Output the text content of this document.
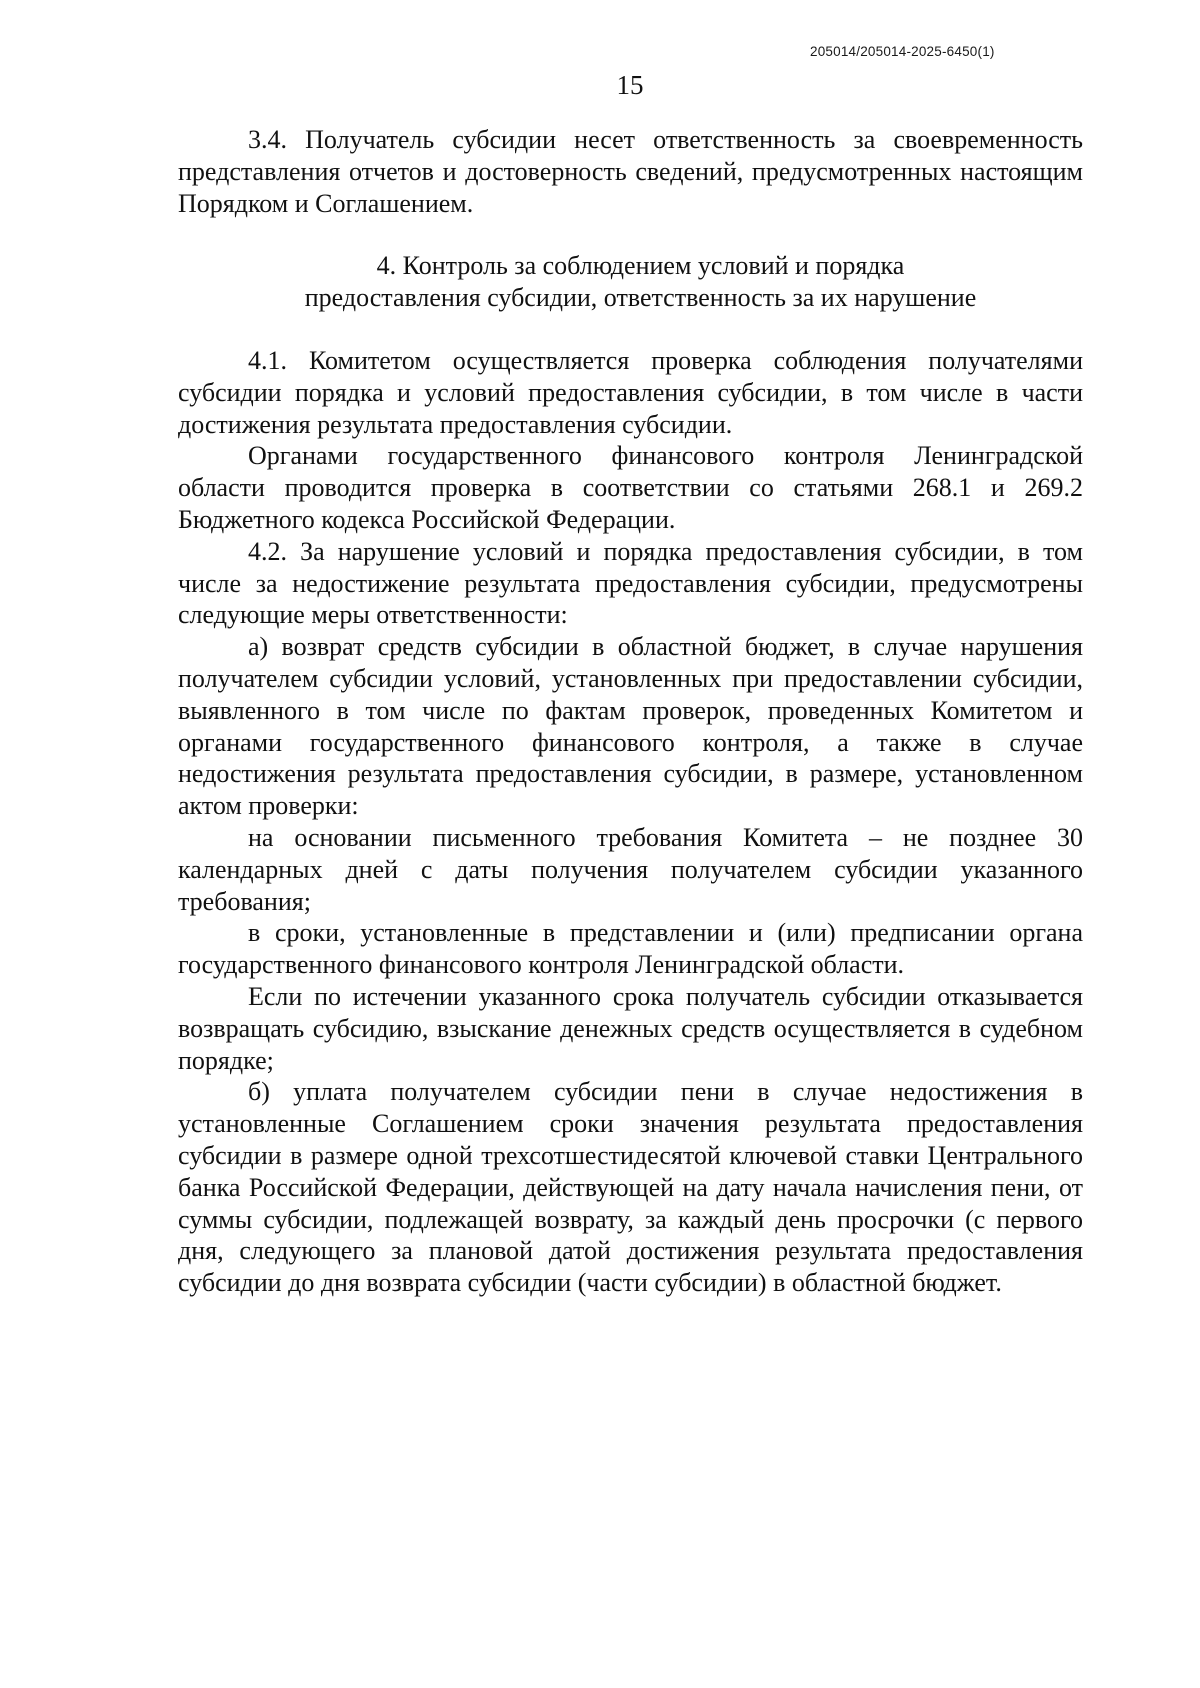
205014/205014-2025-6450(1)
15

3.4. Получатель субсидии несет ответственность за своевременность представления отчетов и достоверность сведений, предусмотренных настоящим Порядком и Соглашением.

4. Контроль за соблюдением условий и порядка
предоставления субсидии, ответственность за их нарушение

4.1. Комитетом осуществляется проверка соблюдения получателями субсидии порядка и условий предоставления субсидии, в том числе в части достижения результата предоставления субсидии.

Органами государственного финансового контроля Ленинградской области проводится проверка в соответствии со статьями 268.1 и 269.2 Бюджетного кодекса Российской Федерации.

4.2. За нарушение условий и порядка предоставления субсидии, в том числе за недостижение результата предоставления субсидии, предусмотрены следующие меры ответственности:

а) возврат средств субсидии в областной бюджет, в случае нарушения получателем субсидии условий, установленных при предоставлении субсидии, выявленного в том числе по фактам проверок, проведенных Комитетом и органами государственного финансового контроля, а также в случае недостижения результата предоставления субсидии, в размере, установленном актом проверки:

на основании письменного требования Комитета – не позднее 30 календарных дней с даты получения получателем субсидии указанного требования;

в сроки, установленные в представлении и (или) предписании органа государственного финансового контроля Ленинградской области.

Если по истечении указанного срока получатель субсидии отказывается возвращать субсидию, взыскание денежных средств осуществляется в судебном порядке;

б) уплата получателем субсидии пени в случае недостижения в установленные Соглашением сроки значения результата предоставления субсидии в размере одной трехсотшестидесятой ключевой ставки Центрального банка Российской Федерации, действующей на дату начала начисления пени, от суммы субсидии, подлежащей возврату, за каждый день просрочки (с первого дня, следующего за плановой датой достижения результата предоставления субсидии до дня возврата субсидии (части субсидии) в областной бюджет.
